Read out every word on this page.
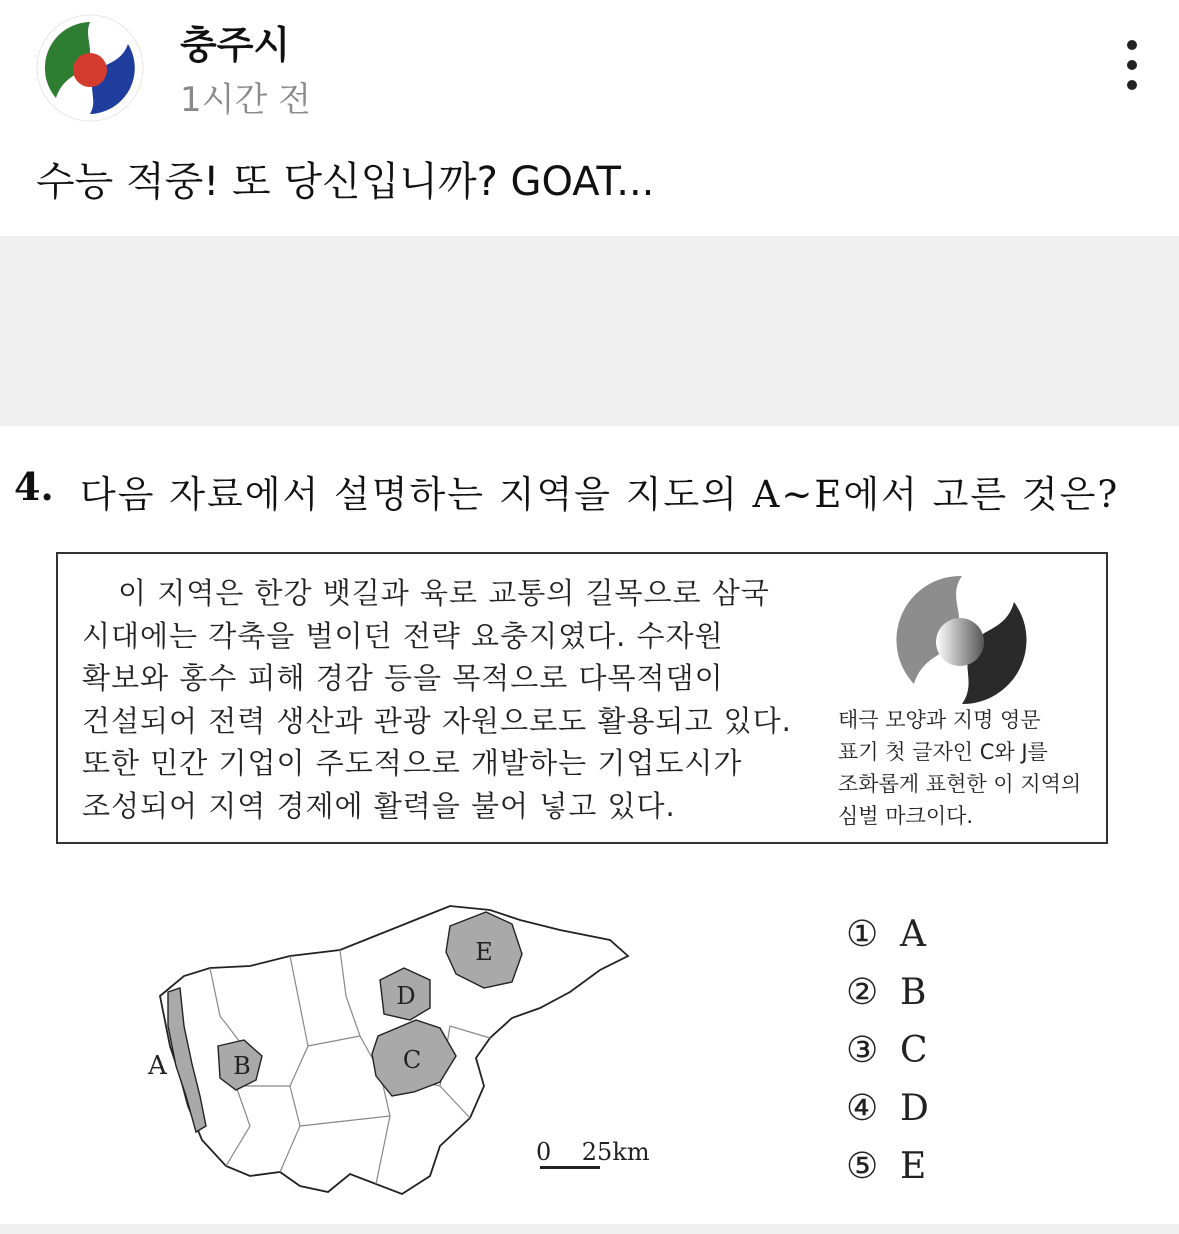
충주시
1시간 전
수능 적중! 또 당신입니까? GOAT...
4. 다음 자료에서 설명하는 지역을 지도의 A~E에서 고른 것은?
이 지역은 한강 뱃길과 육로 교통의 길목으로 삼국
시대에는 각축을 벌이던 전략 요충지였다. 수자원
확보와 홍수 피해 경감 등을 목적으로 다목적댐이
건설되어 전력 생산과 관광 자원으로도 활용되고 있다.
또한 민간 기업이 주도적으로 개발하는 기업도시가
조성되어 지역 경제에 활력을 불어 넣고 있다.
태극 모양과 지명 영문
표기 첫 글자인 C와 J를
조화롭게 표현한 이 지역의
심벌 마크이다.
A	B	C
D
E
0    25km
① A
② B
③ C
④ D
⑤ E
